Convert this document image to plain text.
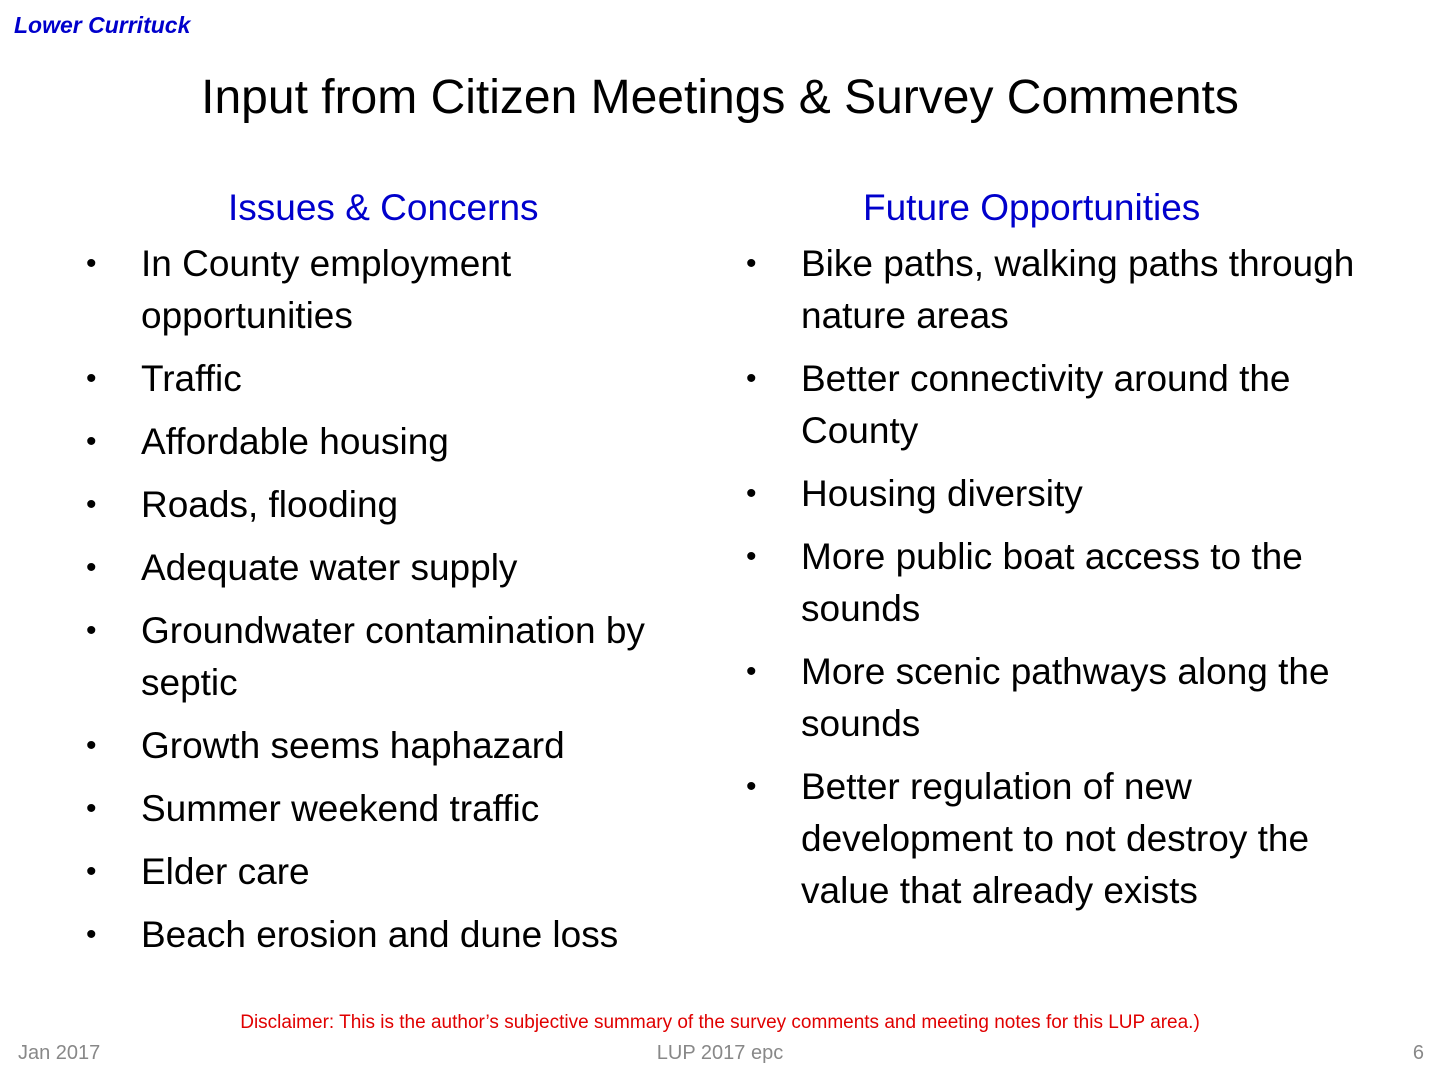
Lower Currituck
Input from Citizen Meetings & Survey Comments
Issues & Concerns
• In County employment opportunities
• Traffic
• Affordable housing
• Roads, flooding
• Adequate water supply
• Groundwater contamination by septic
• Growth seems haphazard
• Summer weekend traffic
• Elder care
• Beach erosion and dune loss
Future Opportunities
• Bike paths, walking paths through nature areas
• Better connectivity around the County
• Housing diversity
• More public boat access to the sounds
• More scenic pathways along the sounds
• Better regulation of new development to not destroy the value that already exists
Disclaimer: This is the author’s subjective summary of the survey comments and meeting notes for this LUP area.)
Jan 2017	LUP 2017 epc	6
